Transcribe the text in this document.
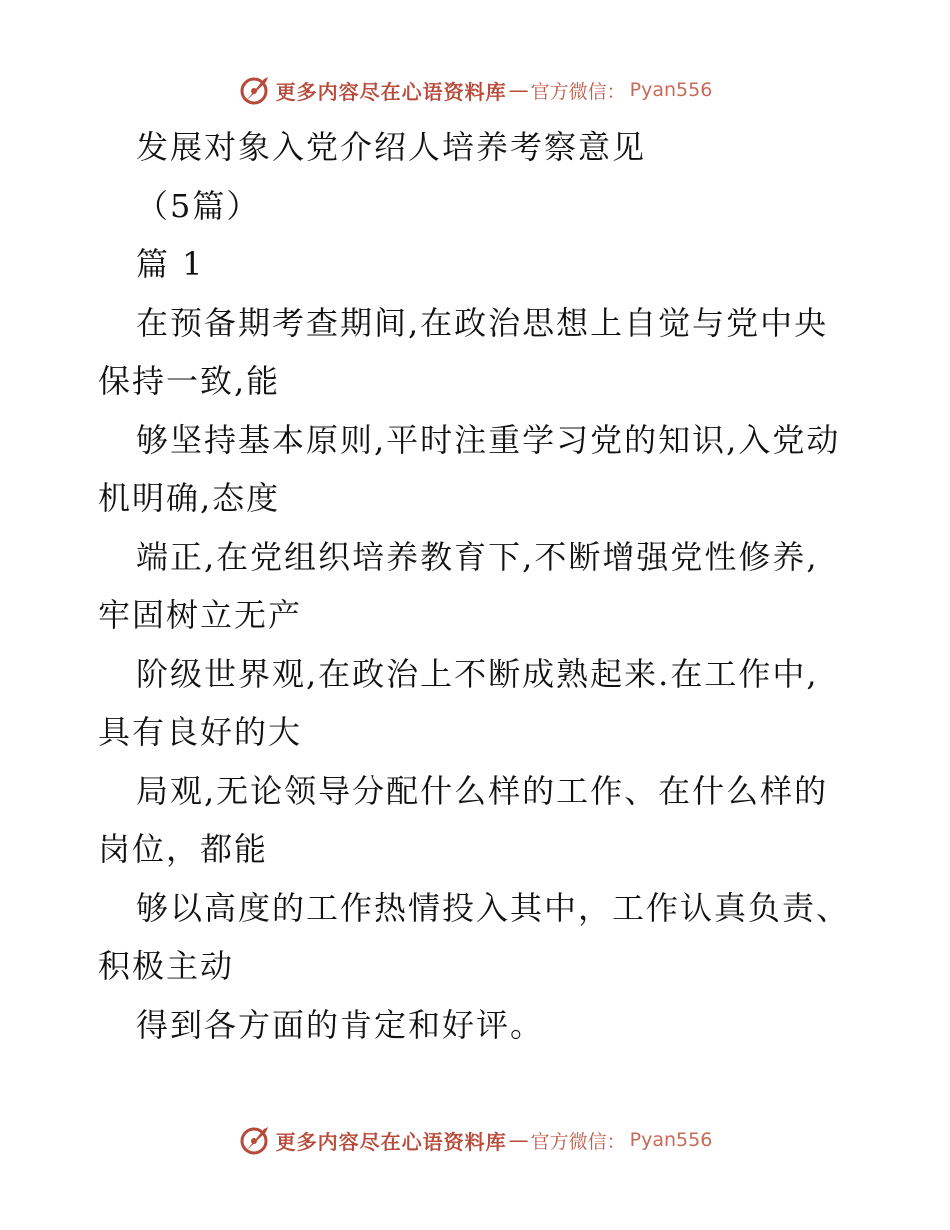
更多内容尽在心语资料库 — 官方微信： Pyan556
发展对象入党介绍人培养考察意见
（5篇）
篇 1
在预备期考查期间,在政治思想上自觉与党中央
保持一致,能
够坚持基本原则,平时注重学习党的知识,入党动
机明确,态度
端正,在党组织培养教育下,不断增强党性修养,
牢固树立无产
阶级世界观,在政治上不断成熟起来.在工作中,
具有良好的大
局观,无论领导分配什么样的工作、在什么样的
岗位，都能
够以高度的工作热情投入其中，工作认真负责、
积极主动
得到各方面的肯定和好评。
更多内容尽在心语资料库 — 官方微信： Pyan556
